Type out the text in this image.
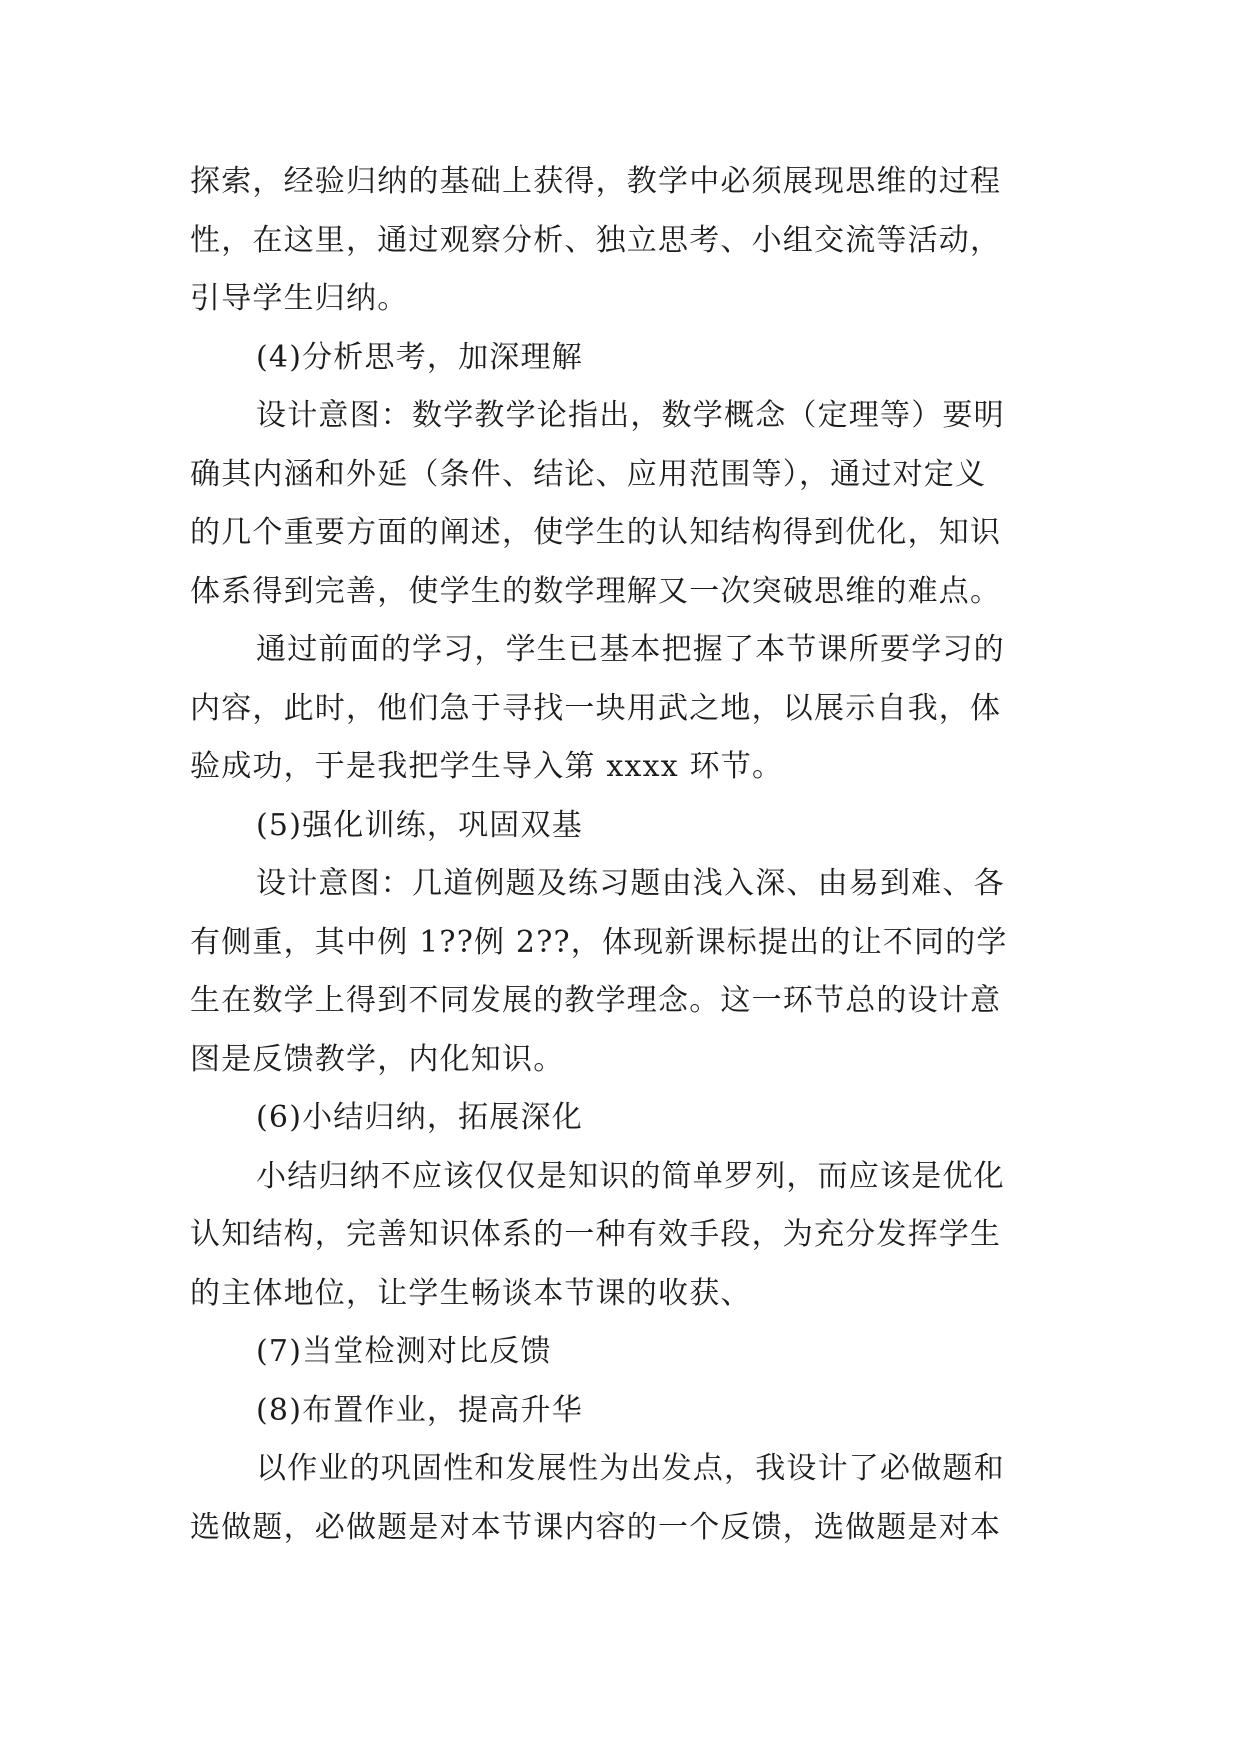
探索，经验归纳的基础上获得，教学中必须展现思维的过程
性，在这里，通过观察分析、独立思考、小组交流等活动，
引导学生归纳。
(4)分析思考，加深理解
设计意图：数学教学论指出，数学概念（定理等）要明
确其内涵和外延（条件、结论、应用范围等），通过对定义
的几个重要方面的阐述，使学生的认知结构得到优化，知识
体系得到完善，使学生的数学理解又一次突破思维的难点。
通过前面的学习，学生已基本把握了本节课所要学习的
内容，此时，他们急于寻找一块用武之地，以展示自我，体
验成功，于是我把学生导入第 xxxx 环节。
(5)强化训练，巩固双基
设计意图：几道例题及练习题由浅入深、由易到难、各
有侧重，其中例 1??例 2??，体现新课标提出的让不同的学
生在数学上得到不同发展的教学理念。这一环节总的设计意
图是反馈教学，内化知识。
(6)小结归纳，拓展深化
小结归纳不应该仅仅是知识的简单罗列，而应该是优化
认知结构，完善知识体系的一种有效手段，为充分发挥学生
的主体地位，让学生畅谈本节课的收获、
(7)当堂检测对比反馈
(8)布置作业，提高升华
以作业的巩固性和发展性为出发点，我设计了必做题和
选做题，必做题是对本节课内容的一个反馈，选做题是对本
